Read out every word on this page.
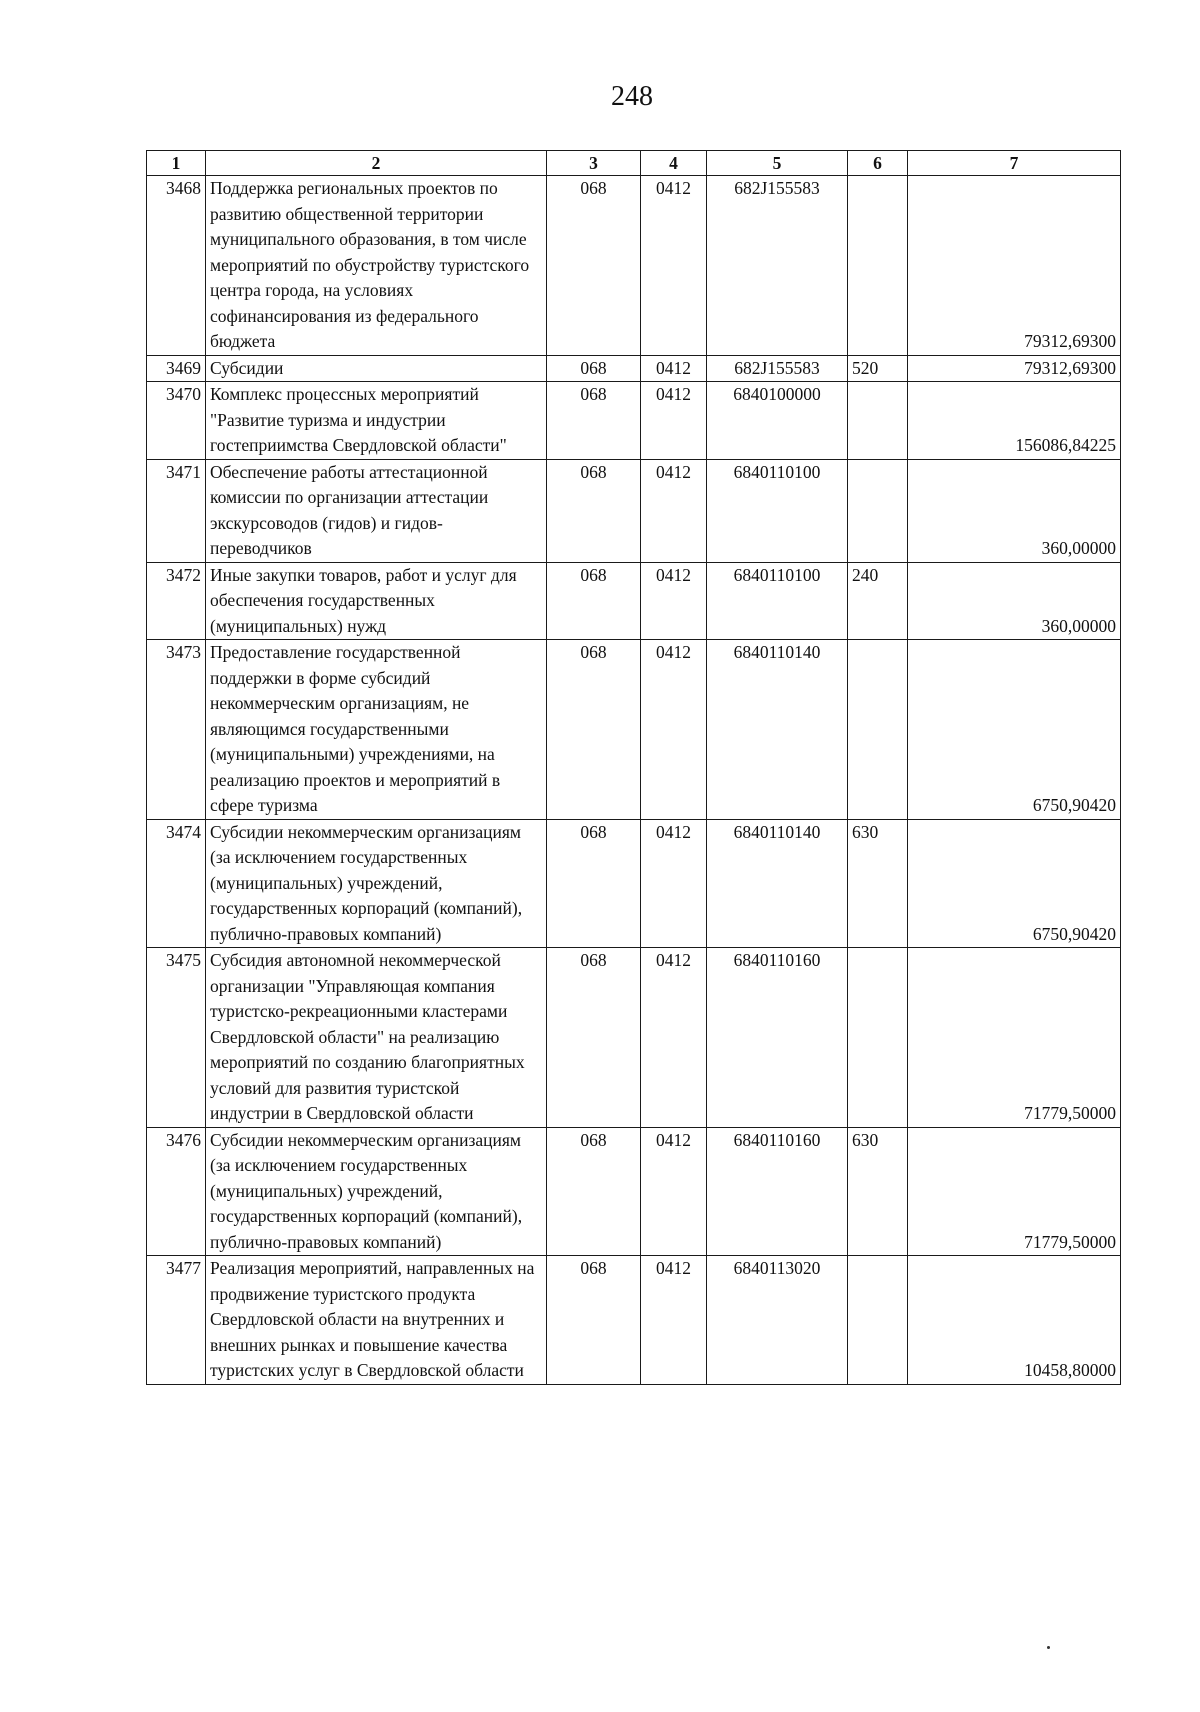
248
1	2	3	4	5	6	7
3468	Поддержка региональных проектов по развитию общественной территории муниципального образования, в том числе мероприятий по обустройству туристского центра города, на условиях софинансирования из федерального бюджета	068	0412	682J155583		79312,69300
3469	Субсидии	068	0412	682J155583	520	79312,69300
3470	Комплекс процессных мероприятий "Развитие туризма и индустрии гостеприимства Свердловской области"	068	0412	6840100000		156086,84225
3471	Обеспечение работы аттестационной комиссии по организации аттестации экскурсоводов (гидов) и гидов-переводчиков	068	0412	6840110100		360,00000
3472	Иные закупки товаров, работ и услуг для обеспечения государственных (муниципальных) нужд	068	0412	6840110100	240	360,00000
3473	Предоставление государственной поддержки в форме субсидий некоммерческим организациям, не являющимся государственными (муниципальными) учреждениями, на реализацию проектов и мероприятий в сфере туризма	068	0412	6840110140		6750,90420
3474	Субсидии некоммерческим организациям (за исключением государственных (муниципальных) учреждений, государственных корпораций (компаний), публично-правовых компаний)	068	0412	6840110140	630	6750,90420
3475	Субсидия автономной некоммерческой организации "Управляющая компания туристско-рекреационными кластерами Свердловской области" на реализацию мероприятий по созданию благоприятных условий для развития туристской индустрии в Свердловской области	068	0412	6840110160		71779,50000
3476	Субсидии некоммерческим организациям (за исключением государственных (муниципальных) учреждений, государственных корпораций (компаний), публично-правовых компаний)	068	0412	6840110160	630	71779,50000
3477	Реализация мероприятий, направленных на продвижение туристского продукта Свердловской области на внутренних и внешних рынках и повышение качества туристских услуг в Свердловской области	068	0412	6840113020		10458,80000
